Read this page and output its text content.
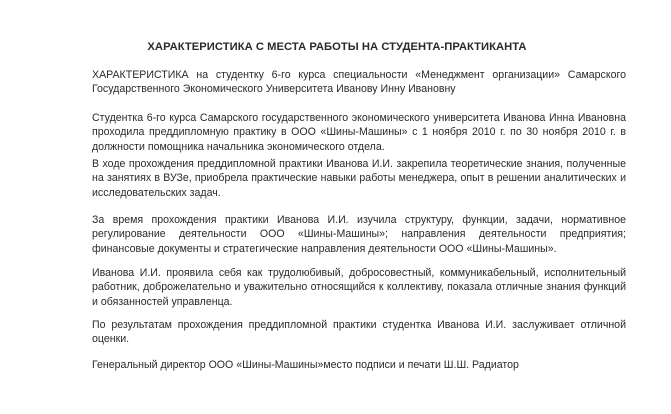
ХАРАКТЕРИСТИКА С МЕСТА РАБОТЫ НА СТУДЕНТА-ПРАКТИКАНТА

ХАРАКТЕРИСТИКА на студентку 6-го курса специальности «Менеджмент организации» Самарского Государственного Экономического Университета Иванову Инну Ивановну

Студентка 6-го курса Самарского государственного экономического университета Иванова Инна Ивановна проходила преддипломную практику в ООО «Шины-Машины» с 1 ноября 2010 г. по 30 ноября 2010 г. в должности помощника начальника экономического отдела.

В ходе прохождения преддипломной практики Иванова И.И. закрепила теоретические знания, полученные на занятиях в ВУЗе, приобрела практические навыки работы менеджера, опыт в решении аналитических и исследовательских задач.

За время прохождения практики Иванова И.И. изучила структуру, функции, задачи, нормативное регулирование деятельности ООО «Шины-Машины»; направления деятельности предприятия; финансовые документы и стратегические направления деятельности ООО «Шины-Машины».

Иванова И.И. проявила себя как трудолюбивый, добросовестный, коммуникабельный, исполнительный работник, доброжелательно и уважительно относящийся к коллективу, показала отличные знания функций и обязанностей управленца.

По результатам прохождения преддипломной практики студентка Иванова И.И. заслуживает отличной оценки.

Генеральный директор ООО «Шины-Машины»место подписи и печати Ш.Ш. Радиатор
